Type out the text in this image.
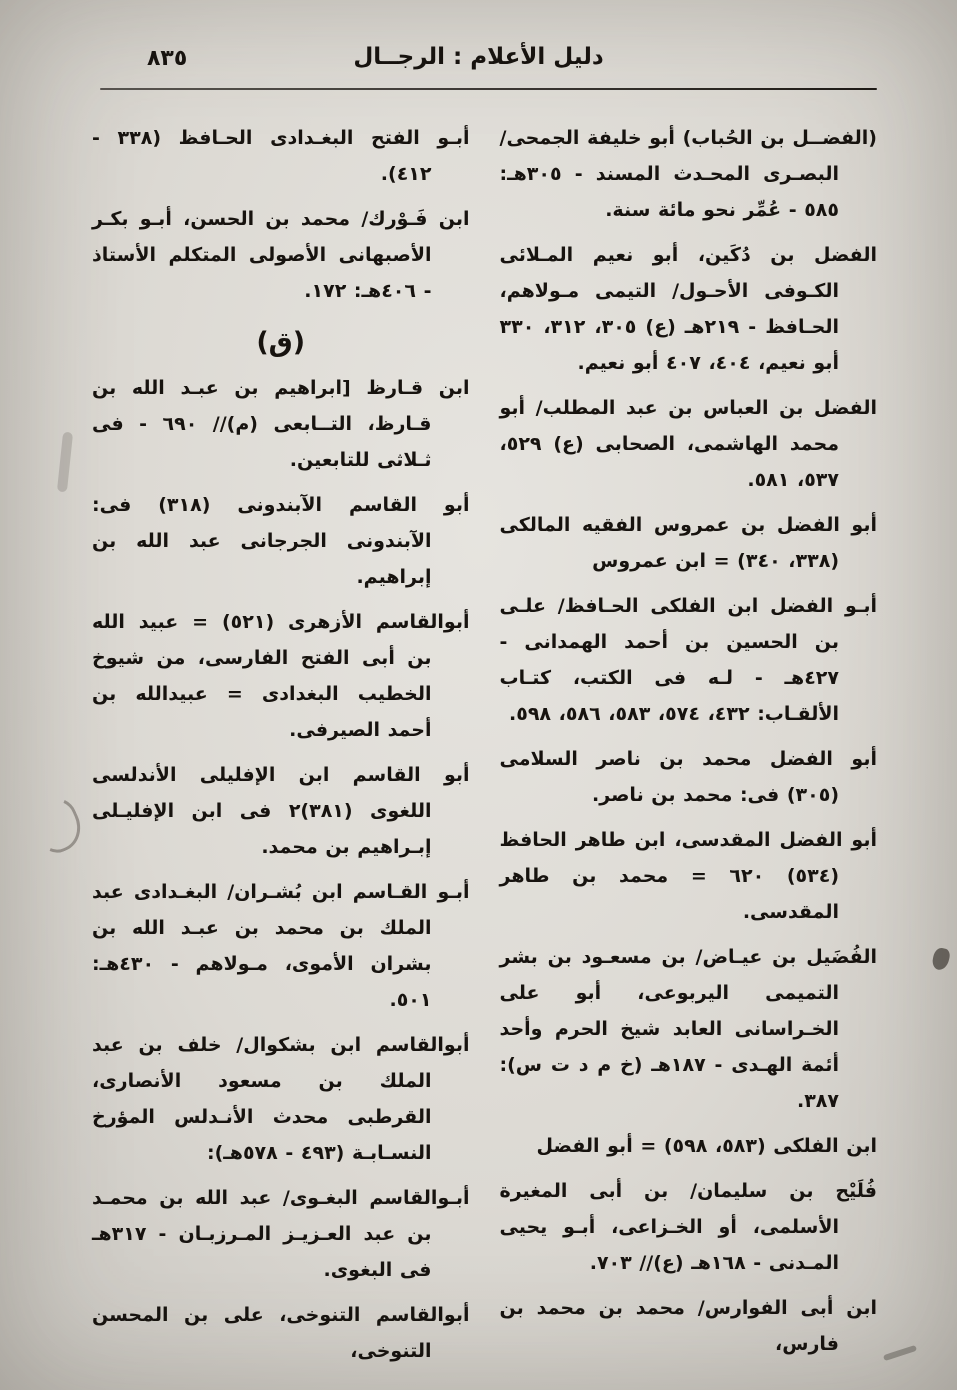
٨٣٥	دليل الأعلام : الرجــال

(الفضــل بن الحُباب) أبو خليفة الجمحى/ البصـرى المحـدث المسند - ٣٠٥هـ: ٥٨٥ - عُمِّر نحو مائة سنة.

الفضل بن دُكَين، أبو نعيم المـلائى الكـوفى الأحـول/ التيمى مـولاهم، الحـافظ - ٢١٩هـ (ع) ٣٠٥، ٣١٢، ٣٣٠ أبو نعيم، ٤٠٤، ٤٠٧ أبو نعيم.

الفضل بن العباس بن عبد المطلب/ أبو محمد الهاشمى، الصحابى (ع) ٥٢٩، ٥٣٧، ٥٨١.

أبو الفضل بن عمروس الفقيه المالكى (٣٣٨، ٣٤٠) = ابن عمروس

أبـو الفضل ابن الفلكى الحـافظ/ علـى بن الحسين بن أحمد الهمدانى - ٤٢٧هـ - لـه فى الكتب، كتـاب الألقـاب: ٤٣٢، ٥٧٤، ٥٨٣، ٥٨٦، ٥٩٨.

أبو الفضل محمد بن ناصر السلامى (٣٠٥) فى: محمد بن ناصر.

أبو الفضل المقدسى، ابن طاهر الحافظ (٥٣٤) ٦٢٠ = محمد بن طاهر المقدسى.

الفُضَيل بن عيـاض/ بن مسعـود بن بشر التميمى اليربوعى، أبو على الخـراسانى العابد شيخ الحرم وأحد أئمة الهـدى - ١٨٧هـ (خ م د ت س): ٣٨٧.

ابن الفلكى (٥٨٣، ٥٩٨) = أبو الفضل

فُلَيْح بن سليمان/ بن أبى المغيرة الأسلمى، أو الخـزاعى، أبـو يحيى المـدنى - ١٦٨هـ (ع)// ٧٠٣.

ابن أبى الفوارس/ محمد بن محمد بن فارس،

أبـو الفتح البغـدادى الحـافظ (٣٣٨ - ٤١٢).

ابن فَـوْرك/ محمد بن الحسن، أبـو بكـر الأصبهانى الأصولى المتكلم الأستاذ - ٤٠٦هـ: ١٧٢.

(ق)

ابن قـارظ [ابراهيم بن عبـد الله بن قـارظ، التــابعى (م)// ٦٩٠ - فى ثـلاثى للتابعين.

أبو القاسم الآبندونى (٣١٨) فى: الآبندونى الجرجانى عبد الله بن إبراهيم.

أبوالقاسم الأزهرى (٥٢١) = عبيد الله بن أبى الفتح الفارسى، من شيوخ الخطيب البغدادى = عبيدالله بن أحمد الصيرفى.

أبو القاسم ابن الإفليلى الأندلسى اللغوى (٣٨١)٢ فى ابن الإفليـلى إبـراهيم بن محمد.

أبـو القـاسم ابن بُشـران/ البغـدادى عبد الملك بن محمد بن عبـد الله بن بشران الأموى، مـولاهم - ٤٣٠هـ: ٥٠١.

أبوالقاسم ابن بشكوال/ خلف بن عبد الملك بن مسعود الأنصارى، القرطبى محدث الأنـدلس المؤرخ النسـابـة (٤٩٣ - ٥٧٨هـ):

أبـوالقاسم البغـوى/ عبد الله بن محمـد بن عبد العـزيـز المـرزبـان - ٣١٧هـ فى البغوى.

أبوالقاسم التنوخى، على بن المحسن التنوخى،
